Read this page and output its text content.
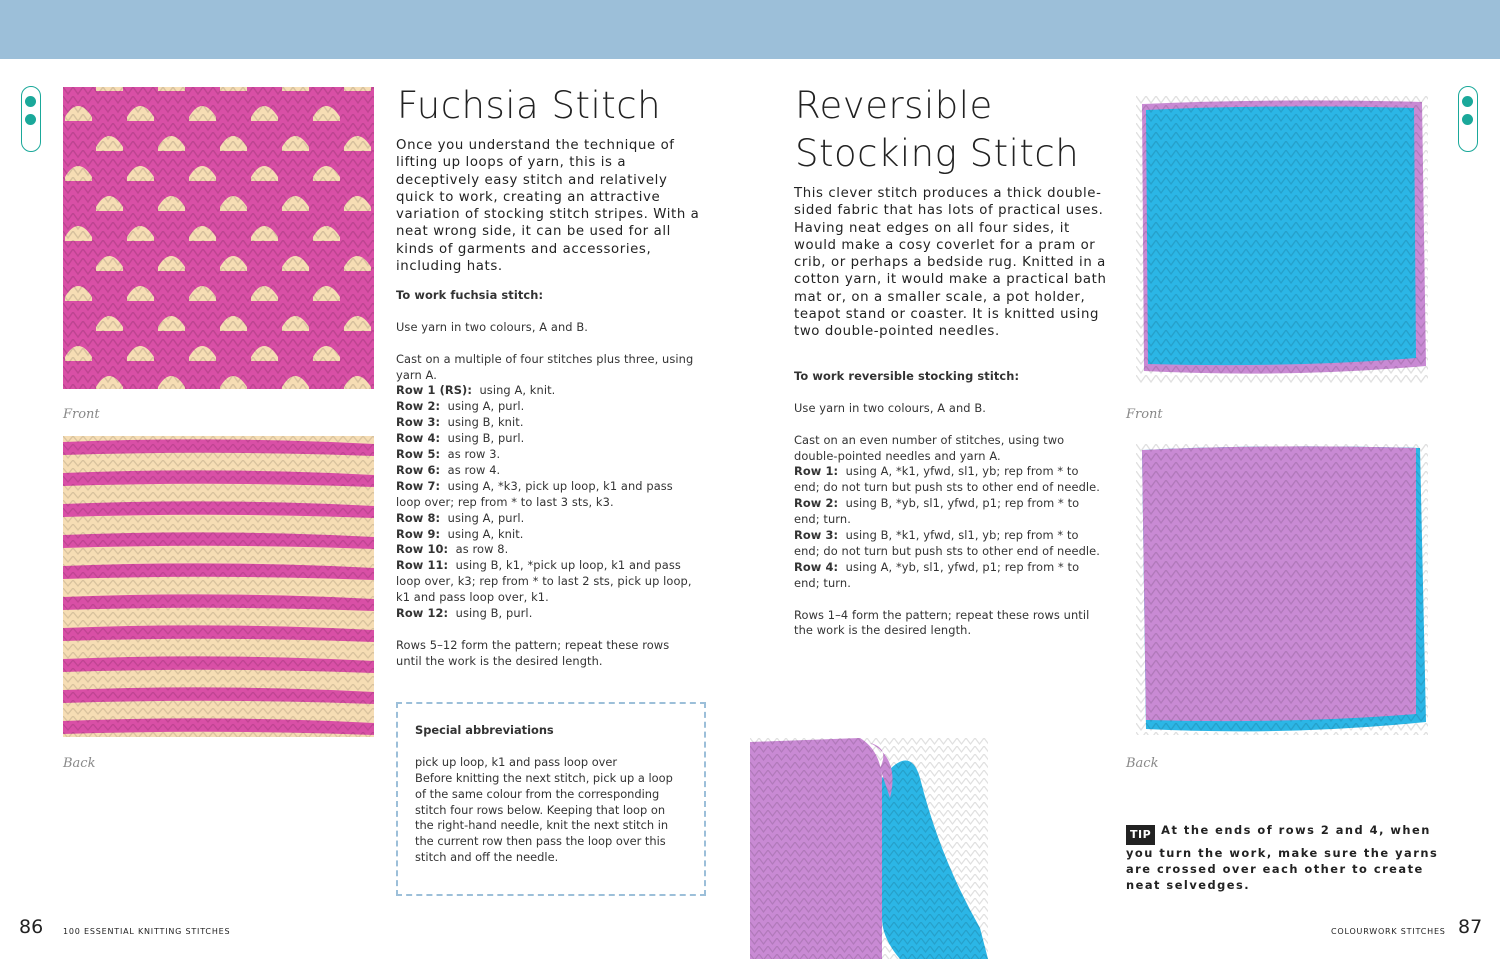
Front
Back
Fuchsia Stitch

Once you understand the technique of lifting up loops of yarn, this is a deceptively easy stitch and relatively quick to work, creating an attractive variation of stocking stitch stripes. With a neat wrong side, it can be used for all kinds of garments and accessories, including hats.

To work fuchsia stitch:

Use yarn in two colours, A and B.

Cast on a multiple of four stitches plus three, using yarn A.

Row 1 (RS): using A, knit.

Row 2: using A, purl.

Row 3: using B, knit.

Row 4: using B, purl.

Row 5: as row 3.

Row 6: as row 4.

Row 7: using A, *k3, pick up loop, k1 and pass loop over; rep from * to last 3 sts, k3.

Row 8: using A, purl.

Row 9: using A, knit.

Row 10: as row 8.

Row 11: using B, k1, *pick up loop, k1 and pass loop over, k3; rep from * to last 2 sts, pick up loop, k1 and pass loop over, k1.

Row 12: using B, purl.

Rows 5–12 form the pattern; repeat these rows until the work is the desired length.

Special abbreviations
pick up loop, k1 and pass loop over
Before knitting the next stitch, pick up a loop of the same colour from the corresponding stitch four rows below. Keeping that loop on the right-hand needle, knit the next stitch in the current row then pass the loop over this stitch and off the needle.
86 100 ESSENTIAL KNITTING STITCHES
Reversible
Stocking Stitch

This clever stitch produces a thick double-sided fabric that has lots of practical uses. Having neat edges on all four sides, it would make a cosy coverlet for a pram or crib, or perhaps a bedside rug. Knitted in a cotton yarn, it would make a practical bath mat or, on a smaller scale, a pot holder, teapot stand or coaster. It is knitted using two double-pointed needles.

To work reversible stocking stitch:

Use yarn in two colours, A and B.

Cast on an even number of stitches, using two double-pointed needles and yarn A.

Row 1: using A, *k1, yfwd, sl1, yb; rep from * to end; do not turn but push sts to other end of needle.

Row 2: using B, *yb, sl1, yfwd, p1; rep from * to end; turn.

Row 3: using B, *k1, yfwd, sl1, yb; rep from * to end; do not turn but push sts to other end of needle.

Row 4: using A, *yb, sl1, yfwd, p1; rep from * to end; turn.

Rows 1–4 form the pattern; repeat these rows until the work is the desired length.

Front
Back
TIP At the ends of rows 2 and 4, when you turn the work, make sure the yarns are crossed over each other to create neat selvedges.
COLOURWORK STITCHES 87
